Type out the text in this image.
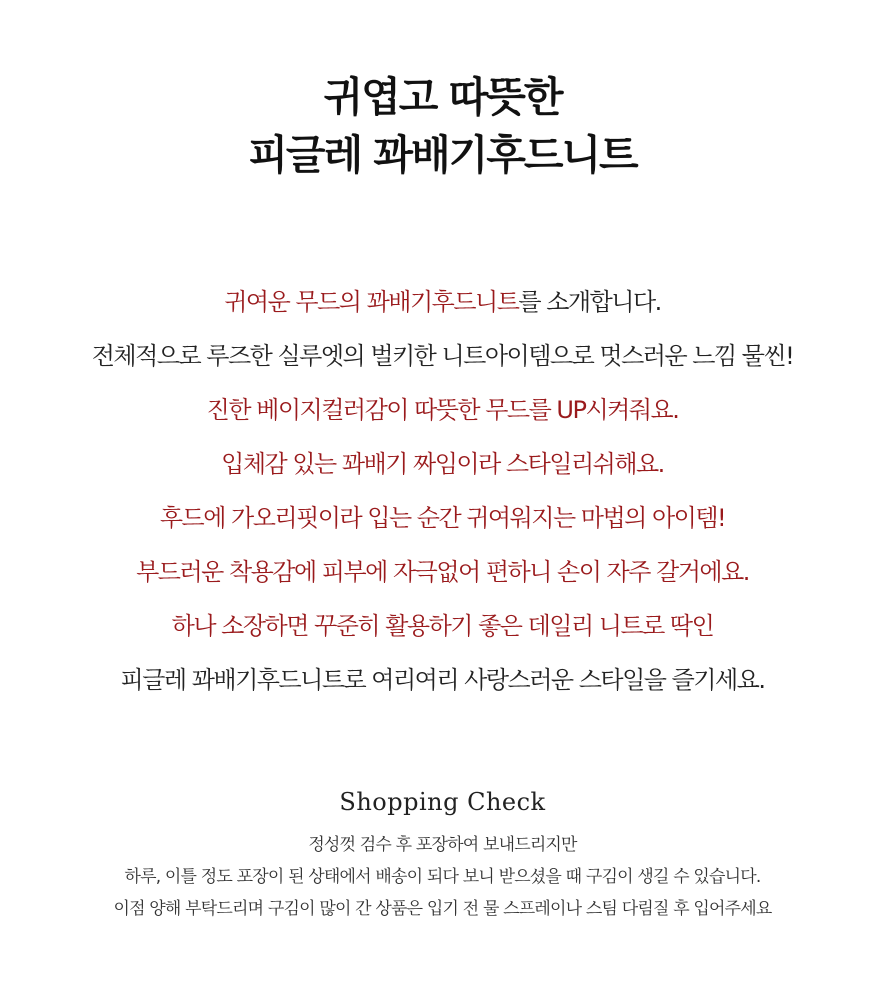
귀엽고 따뜻한
피글레 꽈배기후드니트
귀여운 무드의 꽈배기후드니트를 소개합니다.
전체적으로 루즈한 실루엣의 벌키한 니트아이템으로 멋스러운 느낌 물씬!
진한 베이지컬러감이 따뜻한 무드를 UP시켜줘요.
입체감 있는 꽈배기 짜임이라 스타일리쉬해요.
후드에 가오리핏이라 입는 순간 귀여워지는 마법의 아이템!
부드러운 착용감에 피부에 자극없어 편하니 손이 자주 갈거에요.
하나 소장하면 꾸준히 활용하기 좋은 데일리 니트로 딱인
피글레 꽈배기후드니트로 여리여리 사랑스러운 스타일을 즐기세요.
Shopping Check
정성껏 검수 후 포장하여 보내드리지만
하루, 이틀 정도 포장이 된 상태에서 배송이 되다 보니 받으셨을 때 구김이 생길 수 있습니다.
이점 양해 부탁드리며 구김이 많이 간 상품은 입기 전 물 스프레이나 스팀 다림질 후 입어주세요
